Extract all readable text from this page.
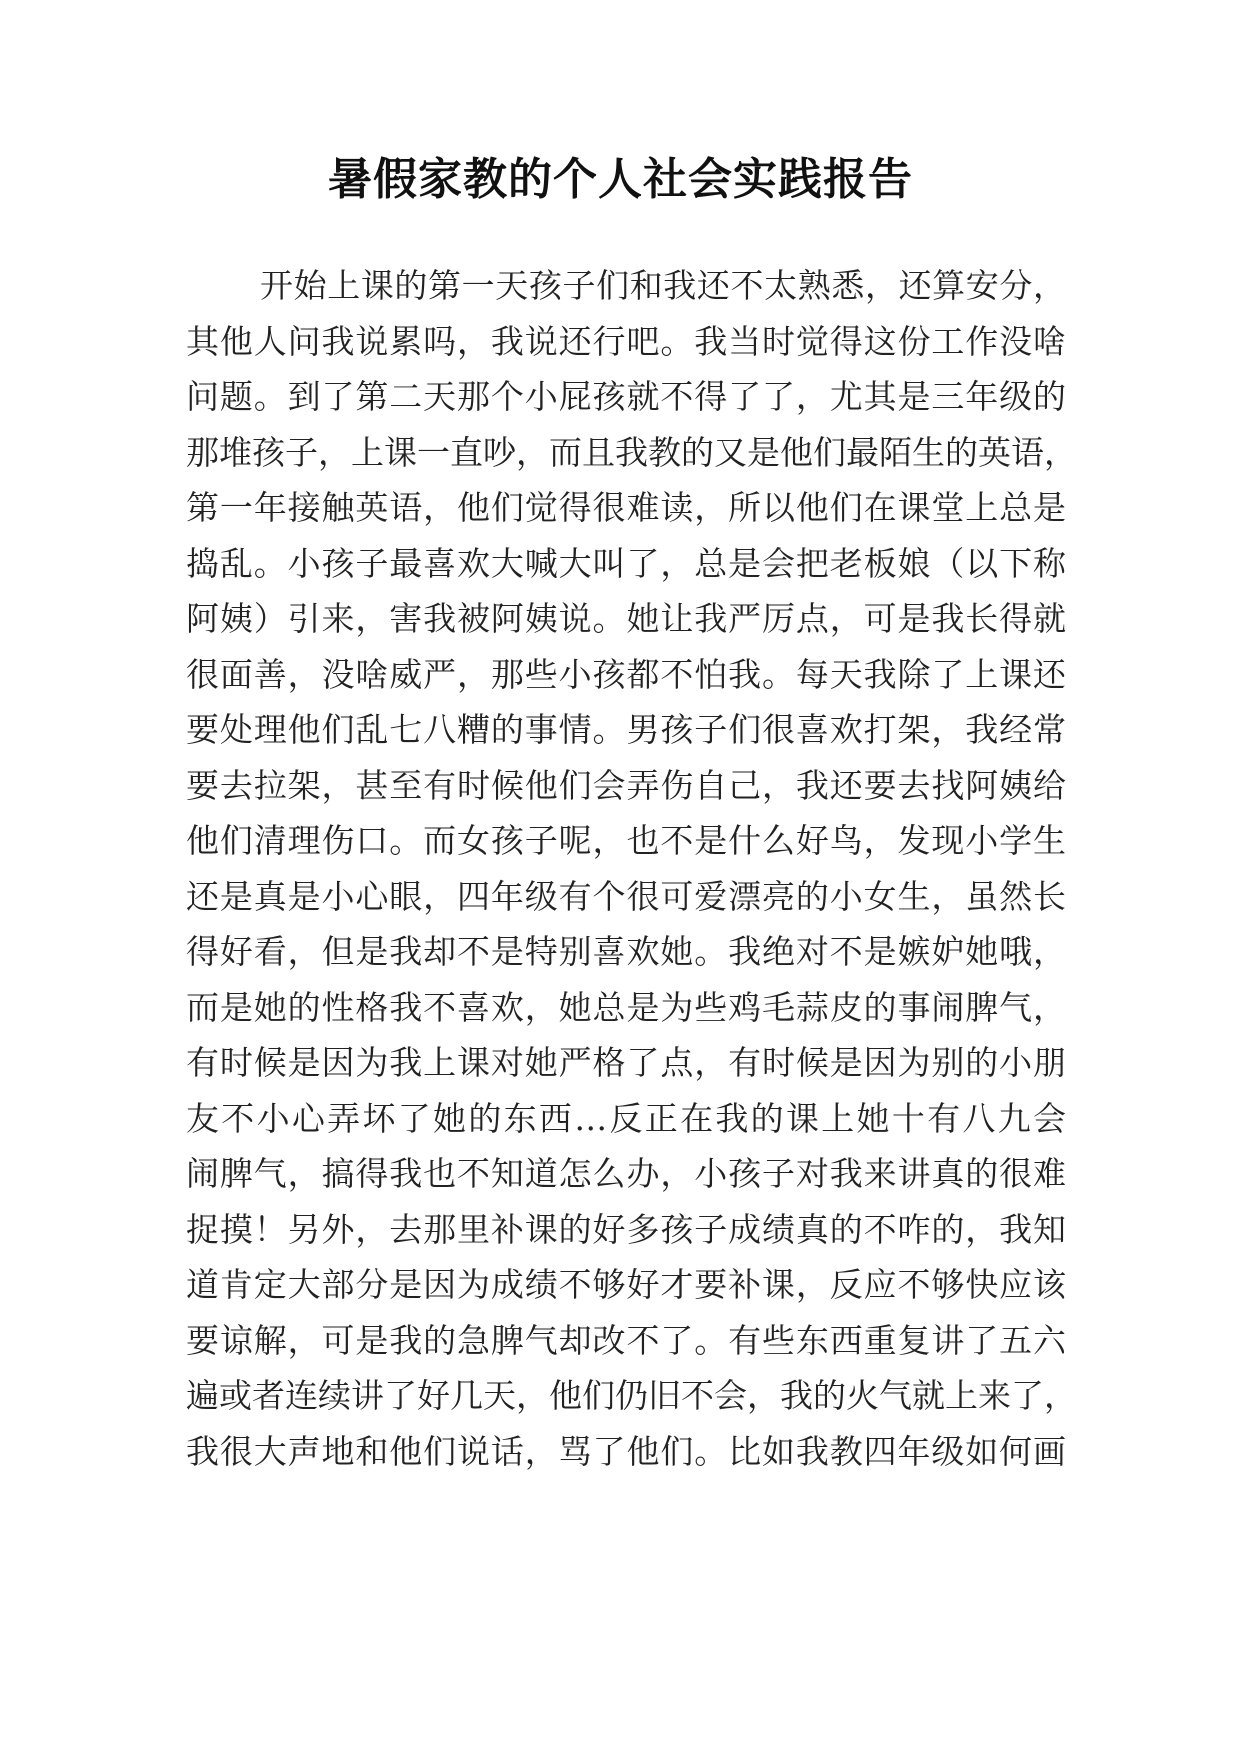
暑假家教的个人社会实践报告
开始上课的第一天孩子们和我还不太熟悉，还算安分，
其他人问我说累吗，我说还行吧。我当时觉得这份工作没啥
问题。到了第二天那个小屁孩就不得了了，尤其是三年级的
那堆孩子，上课一直吵，而且我教的又是他们最陌生的英语，
第一年接触英语，他们觉得很难读，所以他们在课堂上总是
捣乱。小孩子最喜欢大喊大叫了，总是会把老板娘（以下称
阿姨）引来，害我被阿姨说。她让我严厉点，可是我长得就
很面善，没啥威严，那些小孩都不怕我。每天我除了上课还
要处理他们乱七八糟的事情。男孩子们很喜欢打架，我经常
要去拉架，甚至有时候他们会弄伤自己，我还要去找阿姨给
他们清理伤口。而女孩子呢，也不是什么好鸟，发现小学生
还是真是小心眼，四年级有个很可爱漂亮的小女生，虽然长
得好看，但是我却不是特别喜欢她。我绝对不是嫉妒她哦，
而是她的性格我不喜欢，她总是为些鸡毛蒜皮的事闹脾气，
有时候是因为我上课对她严格了点，有时候是因为别的小朋
友不小心弄坏了她的东西…反正在我的课上她十有八九会
闹脾气，搞得我也不知道怎么办，小孩子对我来讲真的很难
捉摸！另外，去那里补课的好多孩子成绩真的不咋的，我知
道肯定大部分是因为成绩不够好才要补课，反应不够快应该
要谅解，可是我的急脾气却改不了。有些东西重复讲了五六
遍或者连续讲了好几天，他们仍旧不会，我的火气就上来了，
我很大声地和他们说话，骂了他们。比如我教四年级如何画
